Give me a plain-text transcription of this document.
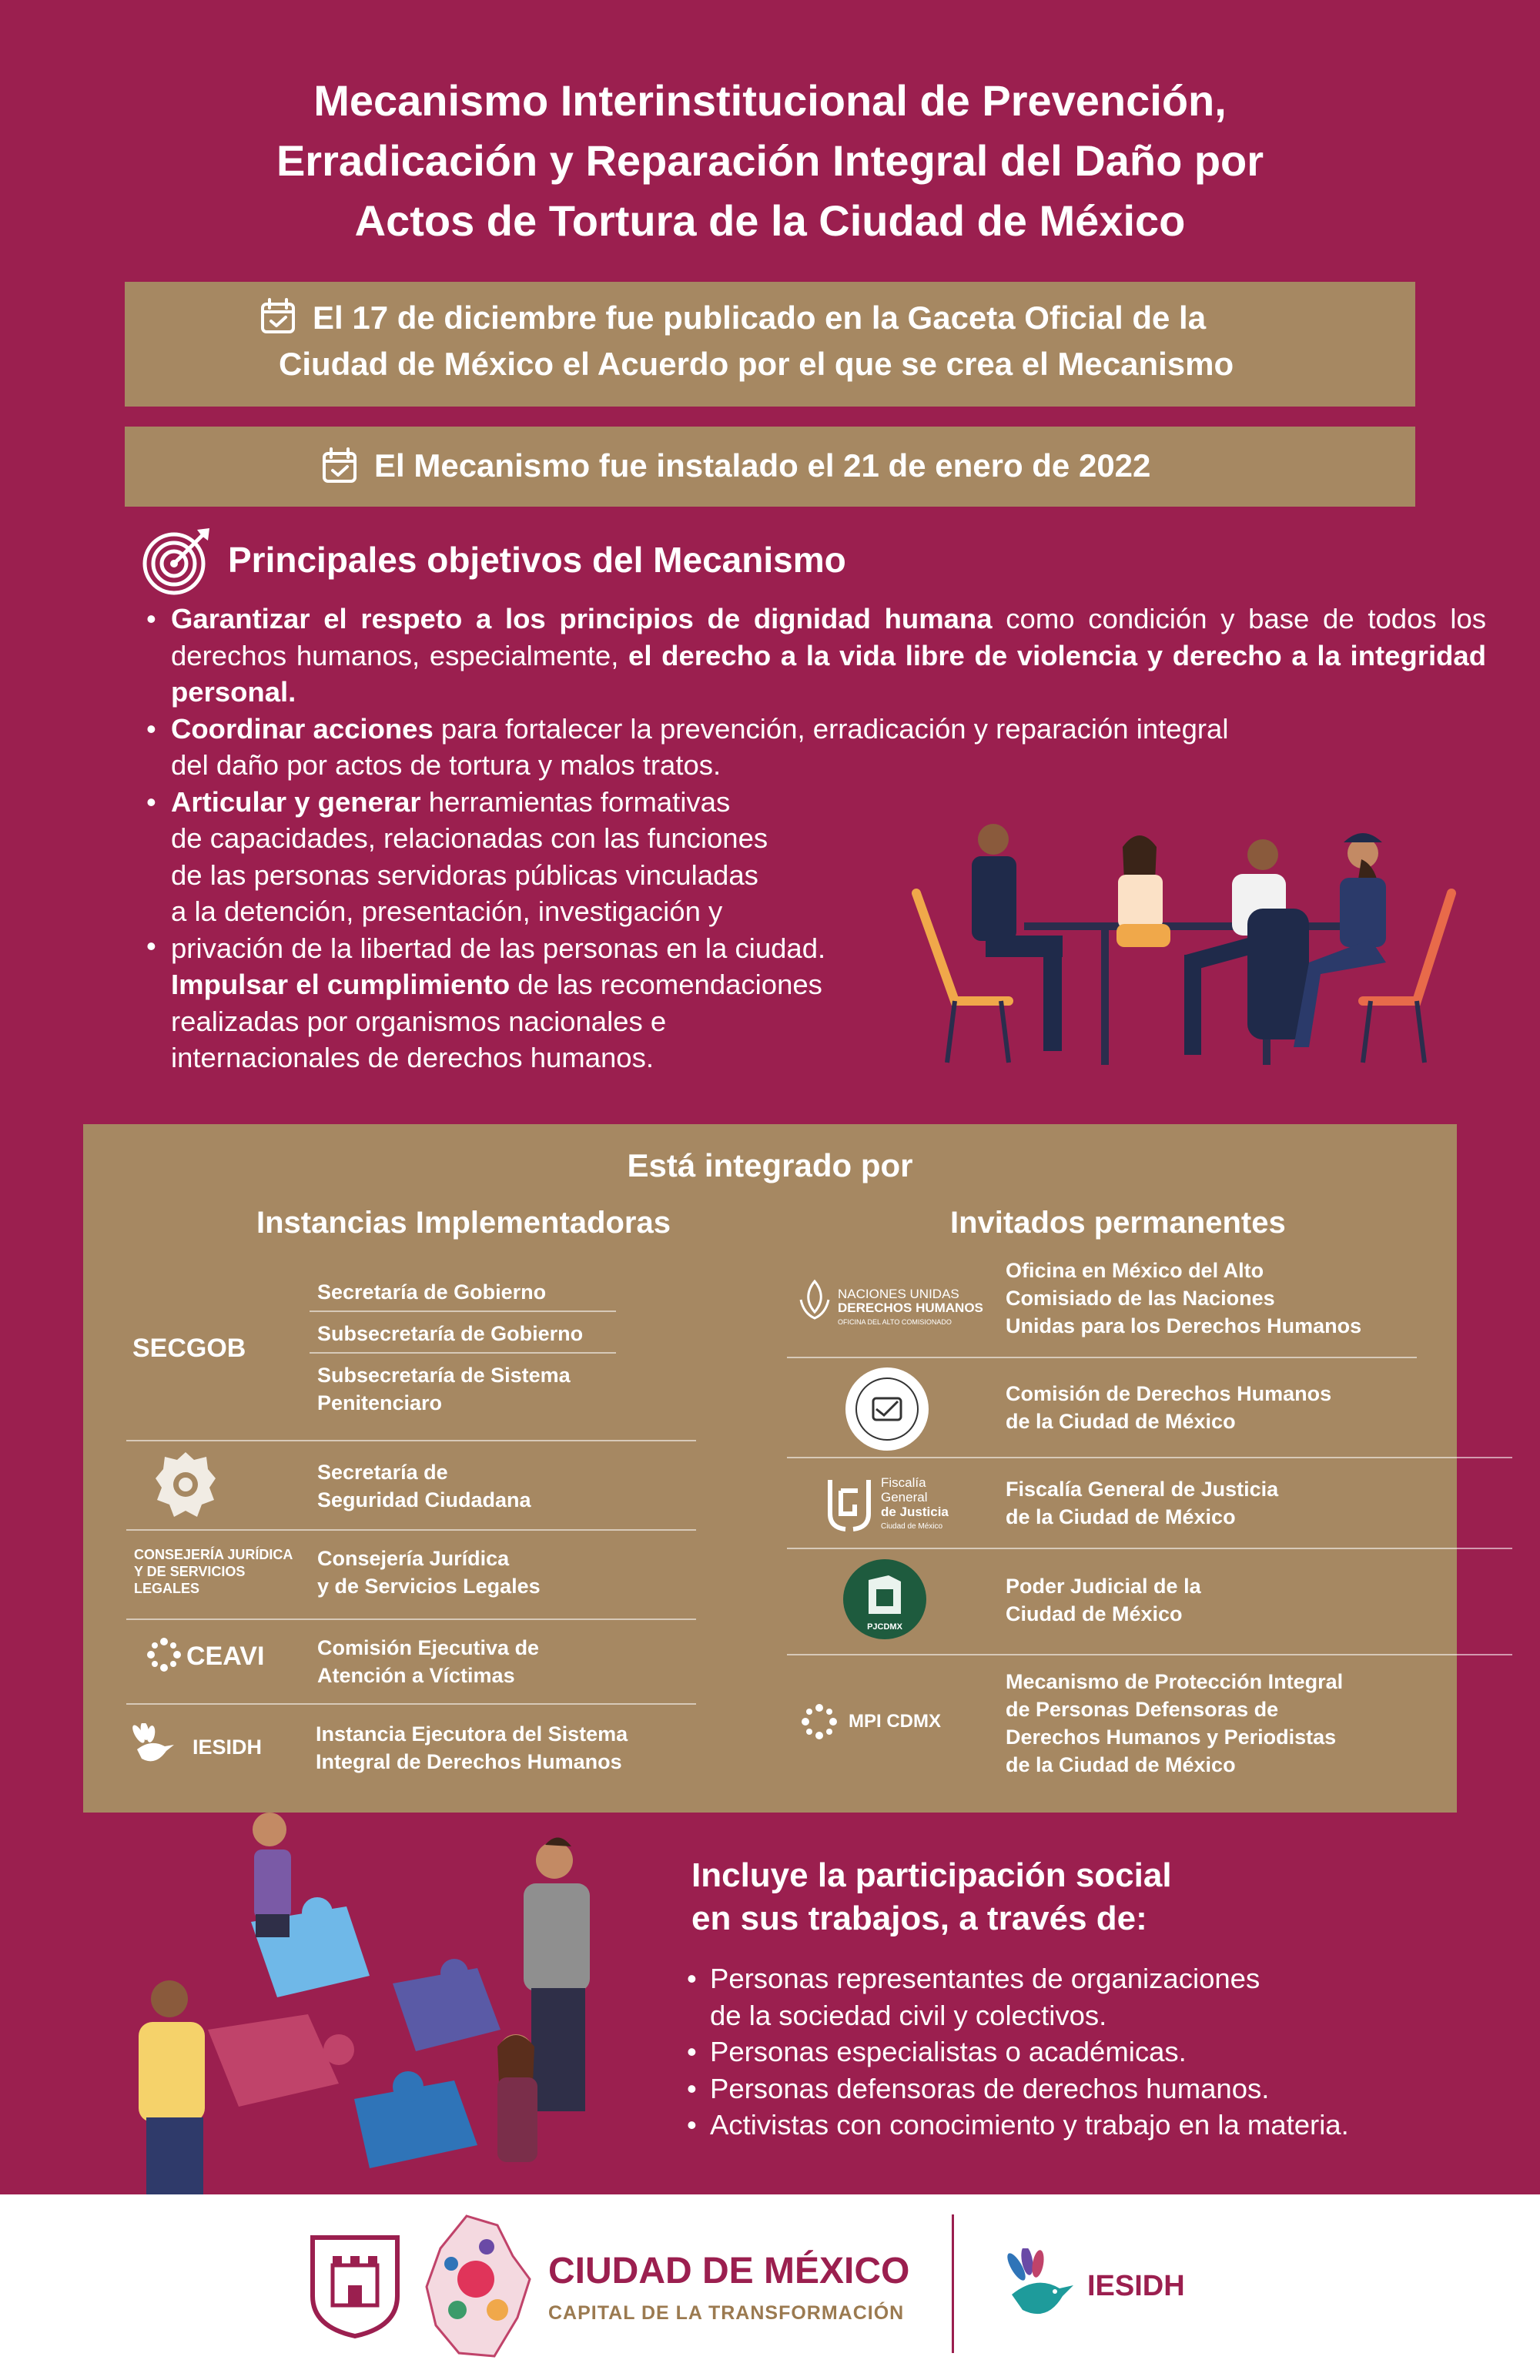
Mecanismo Interinstitucional de Prevención,
Erradicación y Reparación Integral del Daño por
Actos de Tortura de la Ciudad de México
El 17 de diciembre fue publicado en la Gaceta Oficial de la
Ciudad de México el Acuerdo por el que se crea el Mecanismo
El Mecanismo fue instalado el 21 de enero de 2022
Principales objetivos del Mecanismo
• Garantizar el respeto a los principios de dignidad humana como condición y base de todos los derechos humanos, especialmente, el derecho a la vida libre de violencia y derecho a la integridad personal.
• Coordinar acciones para fortalecer la prevención, erradicación y reparación integral
del daño por actos de tortura y malos tratos.
• Articular y generar herramientas formativas
de capacidades, relacionadas con las funciones
de las personas servidoras públicas vinculadas
a la detención, presentación, investigación y
privación de la libertad de las personas en la ciudad.
Impulsar el cumplimiento de las recomendaciones
realizadas por organismos nacionales e
internacionales de derechos humanos.
•
Está integrado por
Instancias Implementadoras	Invitados permanentes
SECGOB
Secretaría de Gobierno
Subsecretaría de Gobierno
Subsecretaría de Sistema
Penitenciaro
Secretaría de
Seguridad Ciudadana
CONSEJERÍA JURÍDICA
Y DE SERVICIOS
LEGALES
Consejería Jurídica
y de Servicios Legales
CEAVI	Comisión Ejecutiva de
Atención a Víctimas
IESIDH
Instancia Ejecutora del Sistema
Integral de Derechos Humanos
NACIONES UNIDAS
DERECHOS HUMANOS
OFICINA DEL ALTO COMISIONADO
Oficina en México del Alto
Comisiado de las Naciones
Unidas para los Derechos Humanos
Comisión de Derechos Humanos
de la Ciudad de México
Fiscalía
General
de Justicia
Ciudad de México
Fiscalía General de Justicia
de la Ciudad de México
PJCDMX
Poder Judicial de la
Ciudad de México
MPI CDMX
Mecanismo de Protección Integral
de Personas Defensoras de
Derechos Humanos y Periodistas
de la Ciudad de México
Incluye la participación social
en sus trabajos, a través de:
• Personas representantes de organizaciones
de la sociedad civil y colectivos.
• Personas especialistas o académicas.
• Personas defensoras de derechos humanos.
• Activistas con conocimiento y trabajo en la materia.
CIUDAD DE MÉXICO
CAPITAL DE LA TRANSFORMACIÓN
IESIDH
